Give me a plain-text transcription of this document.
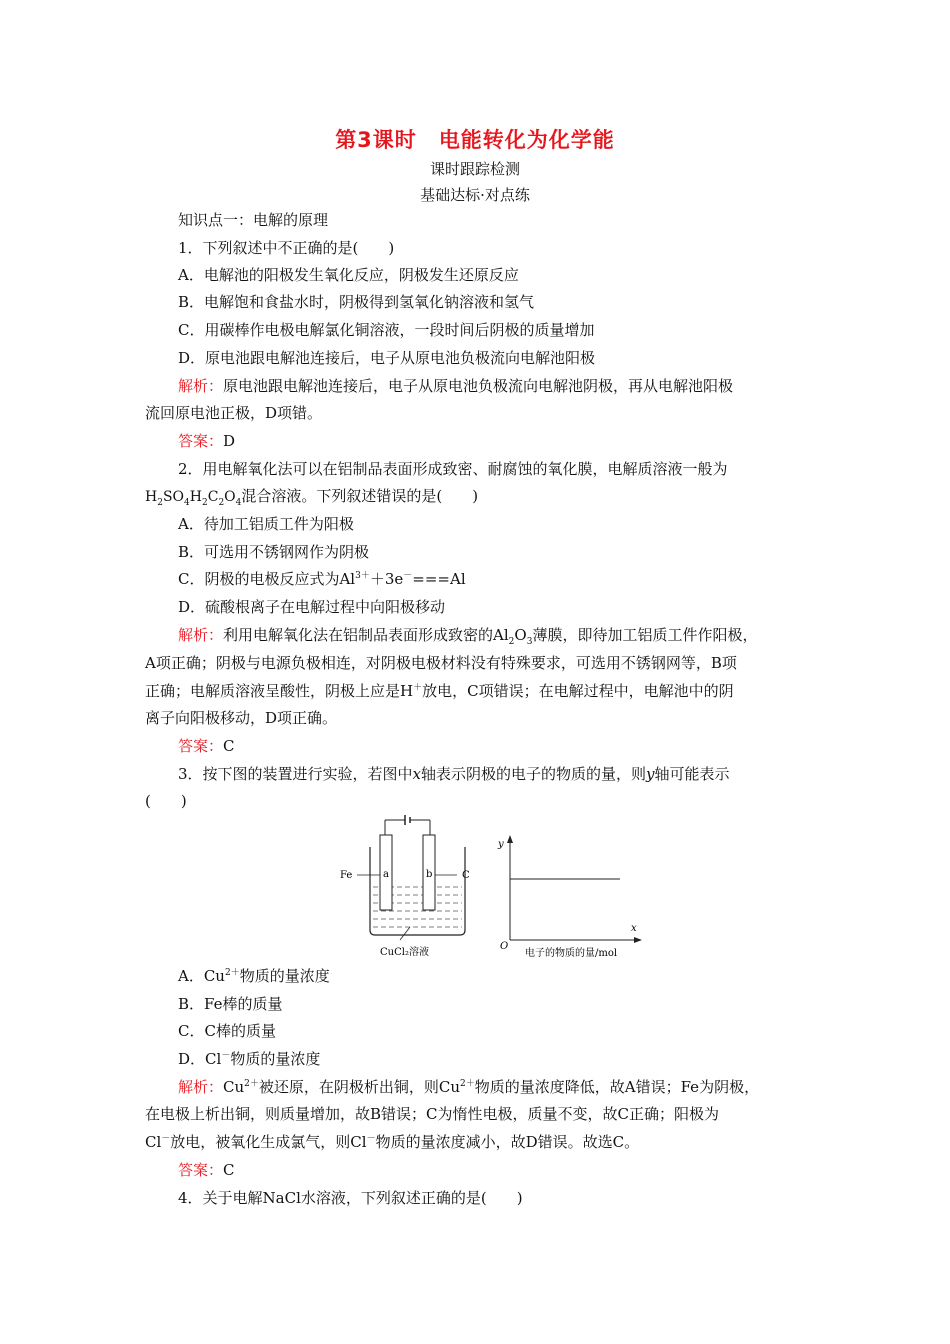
第3课时 电能转化为化学能
课时跟踪检测
基础达标·对点练
知识点一：电解的原理
1．下列叙述中不正确的是(　　)
A．电解池的阳极发生氧化反应，阴极发生还原反应
B．电解饱和食盐水时，阴极得到氢氧化钠溶液和氢气
C．用碳棒作电极电解氯化铜溶液，一段时间后阴极的质量增加
D．原电池跟电解池连接后，电子从原电池负极流向电解池阳极
解析：原电池跟电解池连接后，电子从原电池负极流向电解池阴极，再从电解池阳极
流回原电池正极，D项错。
答案：D
2．用电解氧化法可以在铝制品表面形成致密、耐腐蚀的氧化膜，电解质溶液一般为
$H_2SO_4H_2C_2O_4$混合溶液。下列叙述错误的是(　　)
A．待加工铝质工件为阳极
B．可选用不锈钢网作为阴极
C．阴极的电极反应式为$Al^{3+}+3e^-===Al$
D．硫酸根离子在电解过程中向阳极移动
解析：利用电解氧化法在铝制品表面形成致密的$Al_2O_3$薄膜，即待加工铝质工件作阳极，
A项正确；阴极与电源负极相连，对阴极电极材料没有特殊要求，可选用不锈钢网等，B项
正确；电解质溶液呈酸性，阴极上应是H＋放电，C项错误；在电解过程中，电解池中的阴
离子向阳极移动，D项正确。
答案：C
3．按下图的装置进行实验，若图中x轴表示阴极的电子的物质的量，则y轴可能表示
(　　)
a	b
Fe	C
CuCl₂溶液
y
x
O
电子的物质的量/mol
A．$Cu^{2+}$物质的量浓度
B．Fe棒的质量
C．C棒的质量
D．Cl－物质的量浓度
解析：$Cu^{2+}$被还原，在阴极析出铜，则$Cu^{2+}$物质的量浓度降低，故A错误；Fe为阴极，
在电极上析出铜，则质量增加，故B错误；C为惰性电极，质量不变，故C正确；阳极为
Cl－放电，被氧化生成氯气，则Cl－物质的量浓度减小，故D错误。故选C。
答案：C
4．关于电解NaCl水溶液，下列叙述正确的是(　　)
